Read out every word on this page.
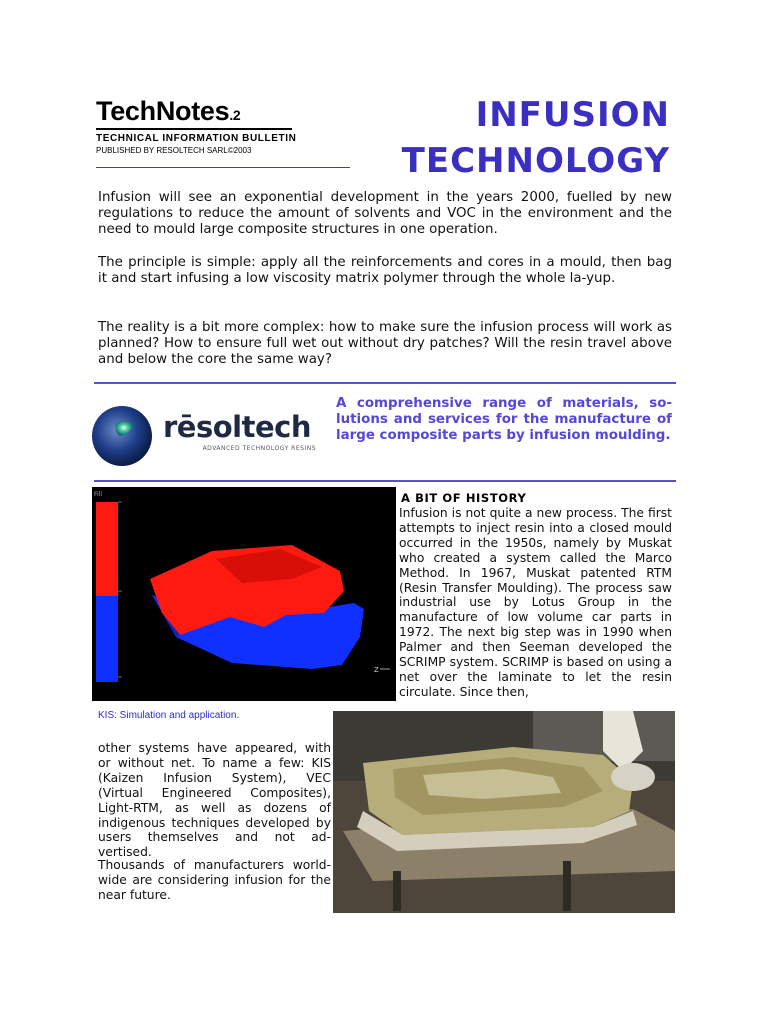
TechNotes.2
TECHNICAL INFORMATION BULLETIN
PUBLISHED BY RESOLTECH SARL©2003
INFUSION
TECHNOLOGY
Infusion will see an exponential development in the years 2000, fuelled by new regulations to reduce the amount of solvents and VOC in the environment and the need to mould large composite structures in one operation.
The principle is simple: apply all the reinforcements and cores in a mould, then bag it and start infusing a low viscosity matrix polymer through the whole la-yup.
The reality is a bit more complex: how to make sure the infusion process will work as planned? How to ensure full wet out without dry patches? Will the resin travel above and below the core the same way?
rēsoltech
ADVANCED TECHNOLOGY RESINS
A comprehensive range of materials, so-lutions and services for the manufacture of large composite parts by infusion moulding.
Fill
Z
KIS: Simulation and application.
A BIT OF HISTORY
Infusion is not quite a new process. The first attempts to inject resin into a closed mould occurred in the 1950s, namely by Muskat who created a system called the Marco Method. In 1967, Muskat patented RTM (Resin Transfer Moulding). The process saw industrial use by Lotus Group in the manufacture of low volume car parts in 1972. The next big step was in 1990 when Palmer and then Seeman developed the SCRIMP system. SCRIMP is based on using a net over the laminate to let the resin circulate. Since then,
other systems have appeared, with or without net. To name a few: KIS (Kaizen Infusion System), VEC (Virtual Engineered Composites), Light-RTM, as well as dozens of indigenous techniques developed by users themselves and not ad-vertised.
Thousands of manufacturers world-wide are considering infusion for the near future.
